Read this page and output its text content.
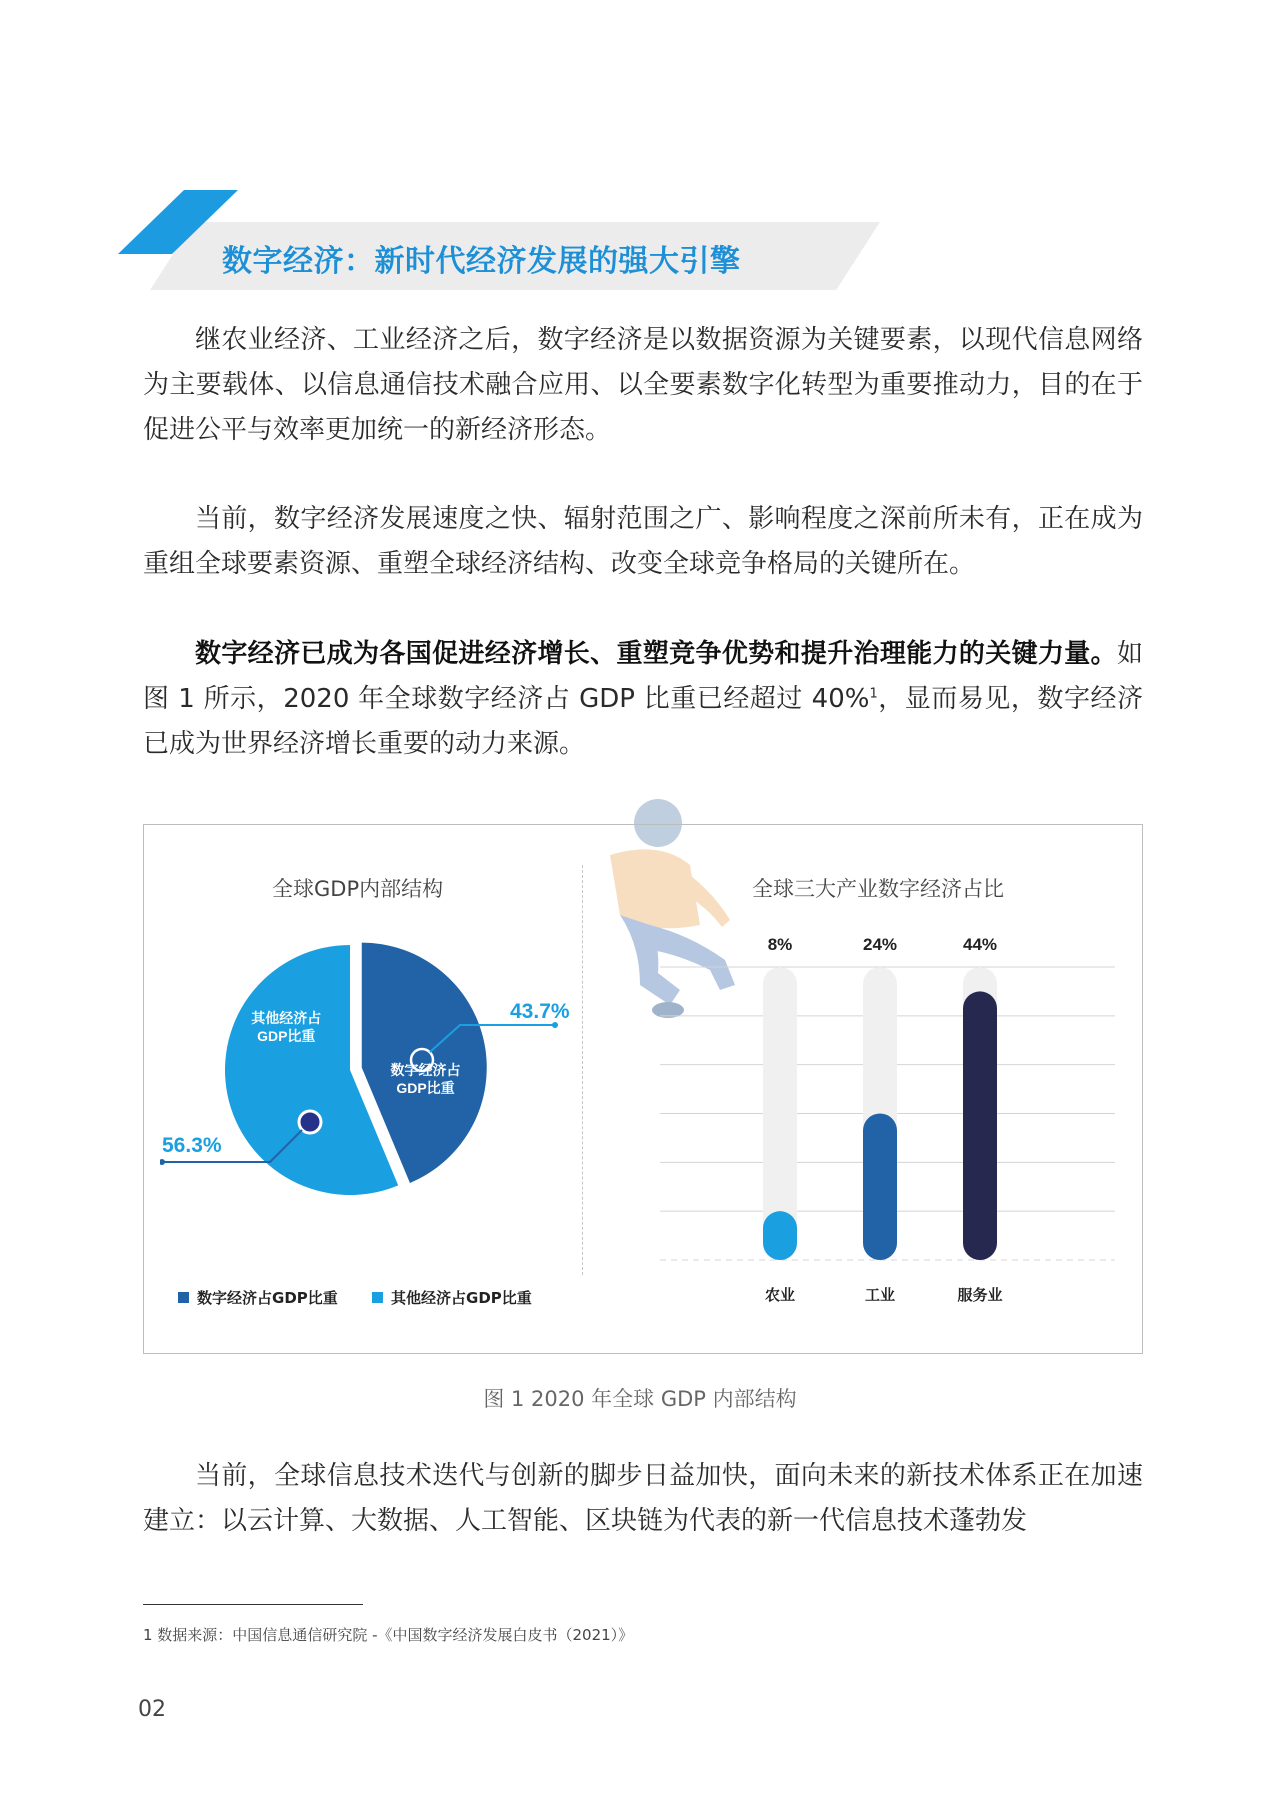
数字经济：新时代经济发展的强大引擎

继农业经济、工业经济之后，数字经济是以数据资源为关键要素，以现代信息网络为主要载体、以信息通信技术融合应用、以全要素数字化转型为重要推动力，目的在于促进公平与效率更加统一的新经济形态。

当前，数字经济发展速度之快、辐射范围之广、影响程度之深前所未有，正在成为重组全球要素资源、重塑全球经济结构、改变全球竞争格局的关键所在。

数字经济已成为各国促进经济增长、重塑竞争优势和提升治理能力的关键力量。如图 1 所示，2020 年全球数字经济占 GDP 比重已经超过 40%$^1$，显而易见，数字经济已成为世界经济增长重要的动力来源。

全球GDP内部结构
数字经济占 GDP比重
其他经济占 GDP比重
43.7%
56.3%
数字经济占GDP比重	其他经济占GDP比重
全球三大产业数字经济占比
8%
农业
24%
工业
44%
服务业
图 1 2020 年全球 GDP 内部结构

当前，全球信息技术迭代与创新的脚步日益加快，面向未来的新技术体系正在加速建立：以云计算、大数据、人工智能、区块链为代表的新一代信息技术蓬勃发

1 数据来源：中国信息通信研究院 -《中国数字经济发展白皮书（2021）》
02
